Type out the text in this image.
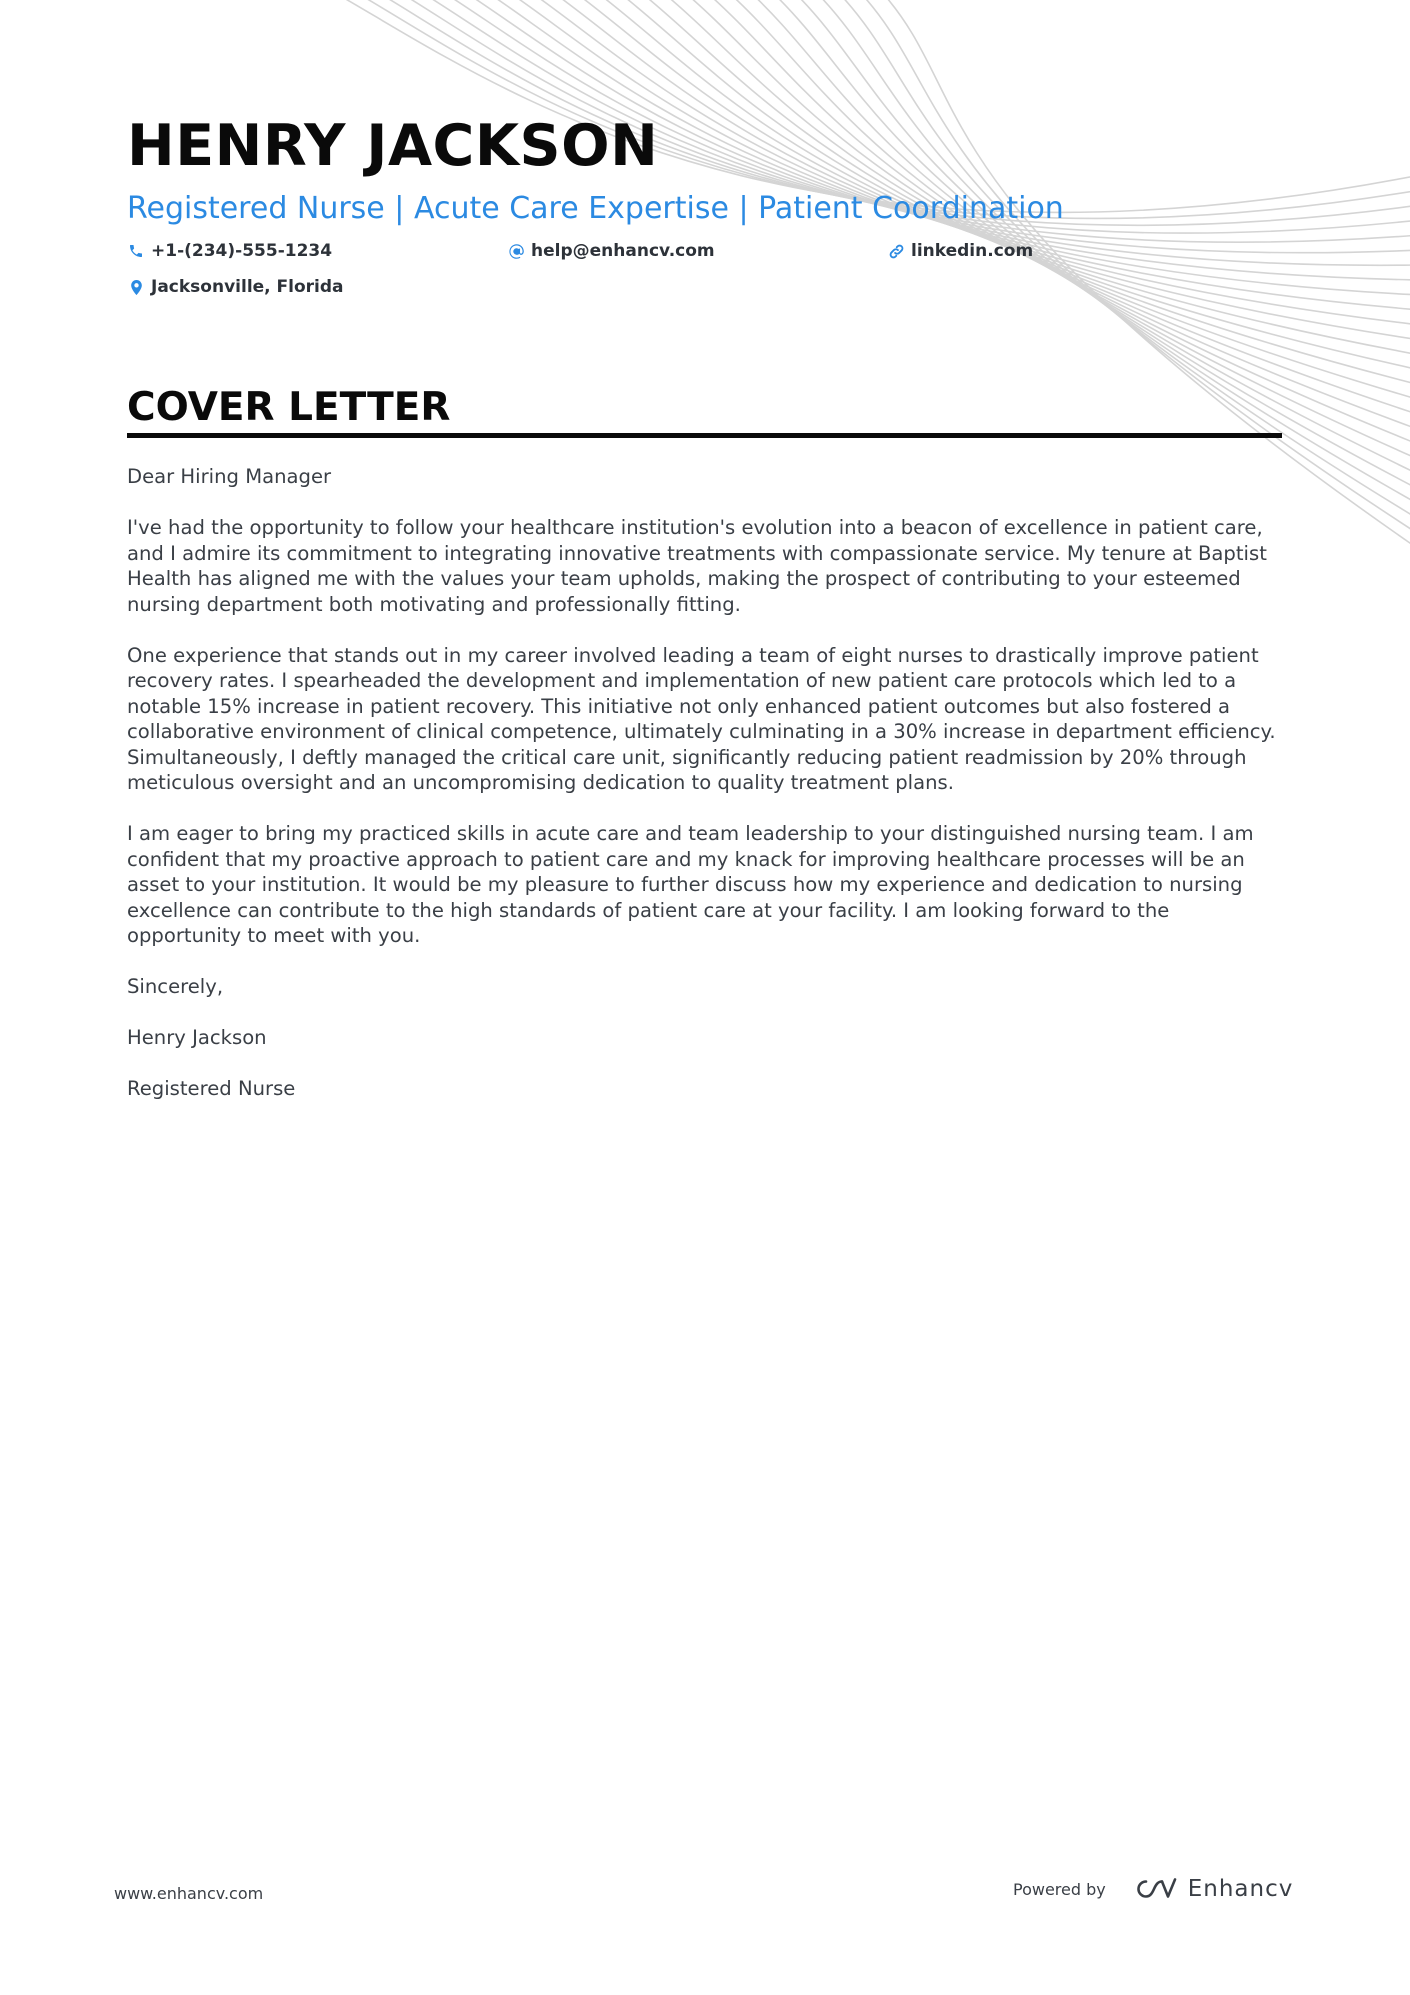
HENRY JACKSON
Registered Nurse | Acute Care Expertise | Patient Coordination
+1-(234)-555-1234	help@enhancv.com	linkedin.com
Jacksonville, Florida
COVER LETTER

Dear Hiring Manager

I've had the opportunity to follow your healthcare institution's evolution into a beacon of excellence in patient care, and I admire its commitment to integrating innovative treatments with compassionate service. My tenure at Baptist Health has aligned me with the values your team upholds, making the prospect of contributing to your esteemed nursing department both motivating and professionally fitting.

One experience that stands out in my career involved leading a team of eight nurses to drastically improve patient recovery rates. I spearheaded the development and implementation of new patient care protocols which led to a notable 15% increase in patient recovery. This initiative not only enhanced patient outcomes but also fostered a collaborative environment of clinical competence, ultimately culminating in a 30% increase in department efficiency. Simultaneously, I deftly managed the critical care unit, significantly reducing patient readmission by 20% through meticulous oversight and an uncompromising dedication to quality treatment plans.

I am eager to bring my practiced skills in acute care and team leadership to your distinguished nursing team. I am confident that my proactive approach to patient care and my knack for improving healthcare processes will be an asset to your institution. It would be my pleasure to further discuss how my experience and dedication to nursing excellence can contribute to the high standards of patient care at your facility. I am looking forward to the opportunity to meet with you.

Sincerely,

Henry Jackson

Registered Nurse

www.enhancv.com	Powered by	Enhancv
